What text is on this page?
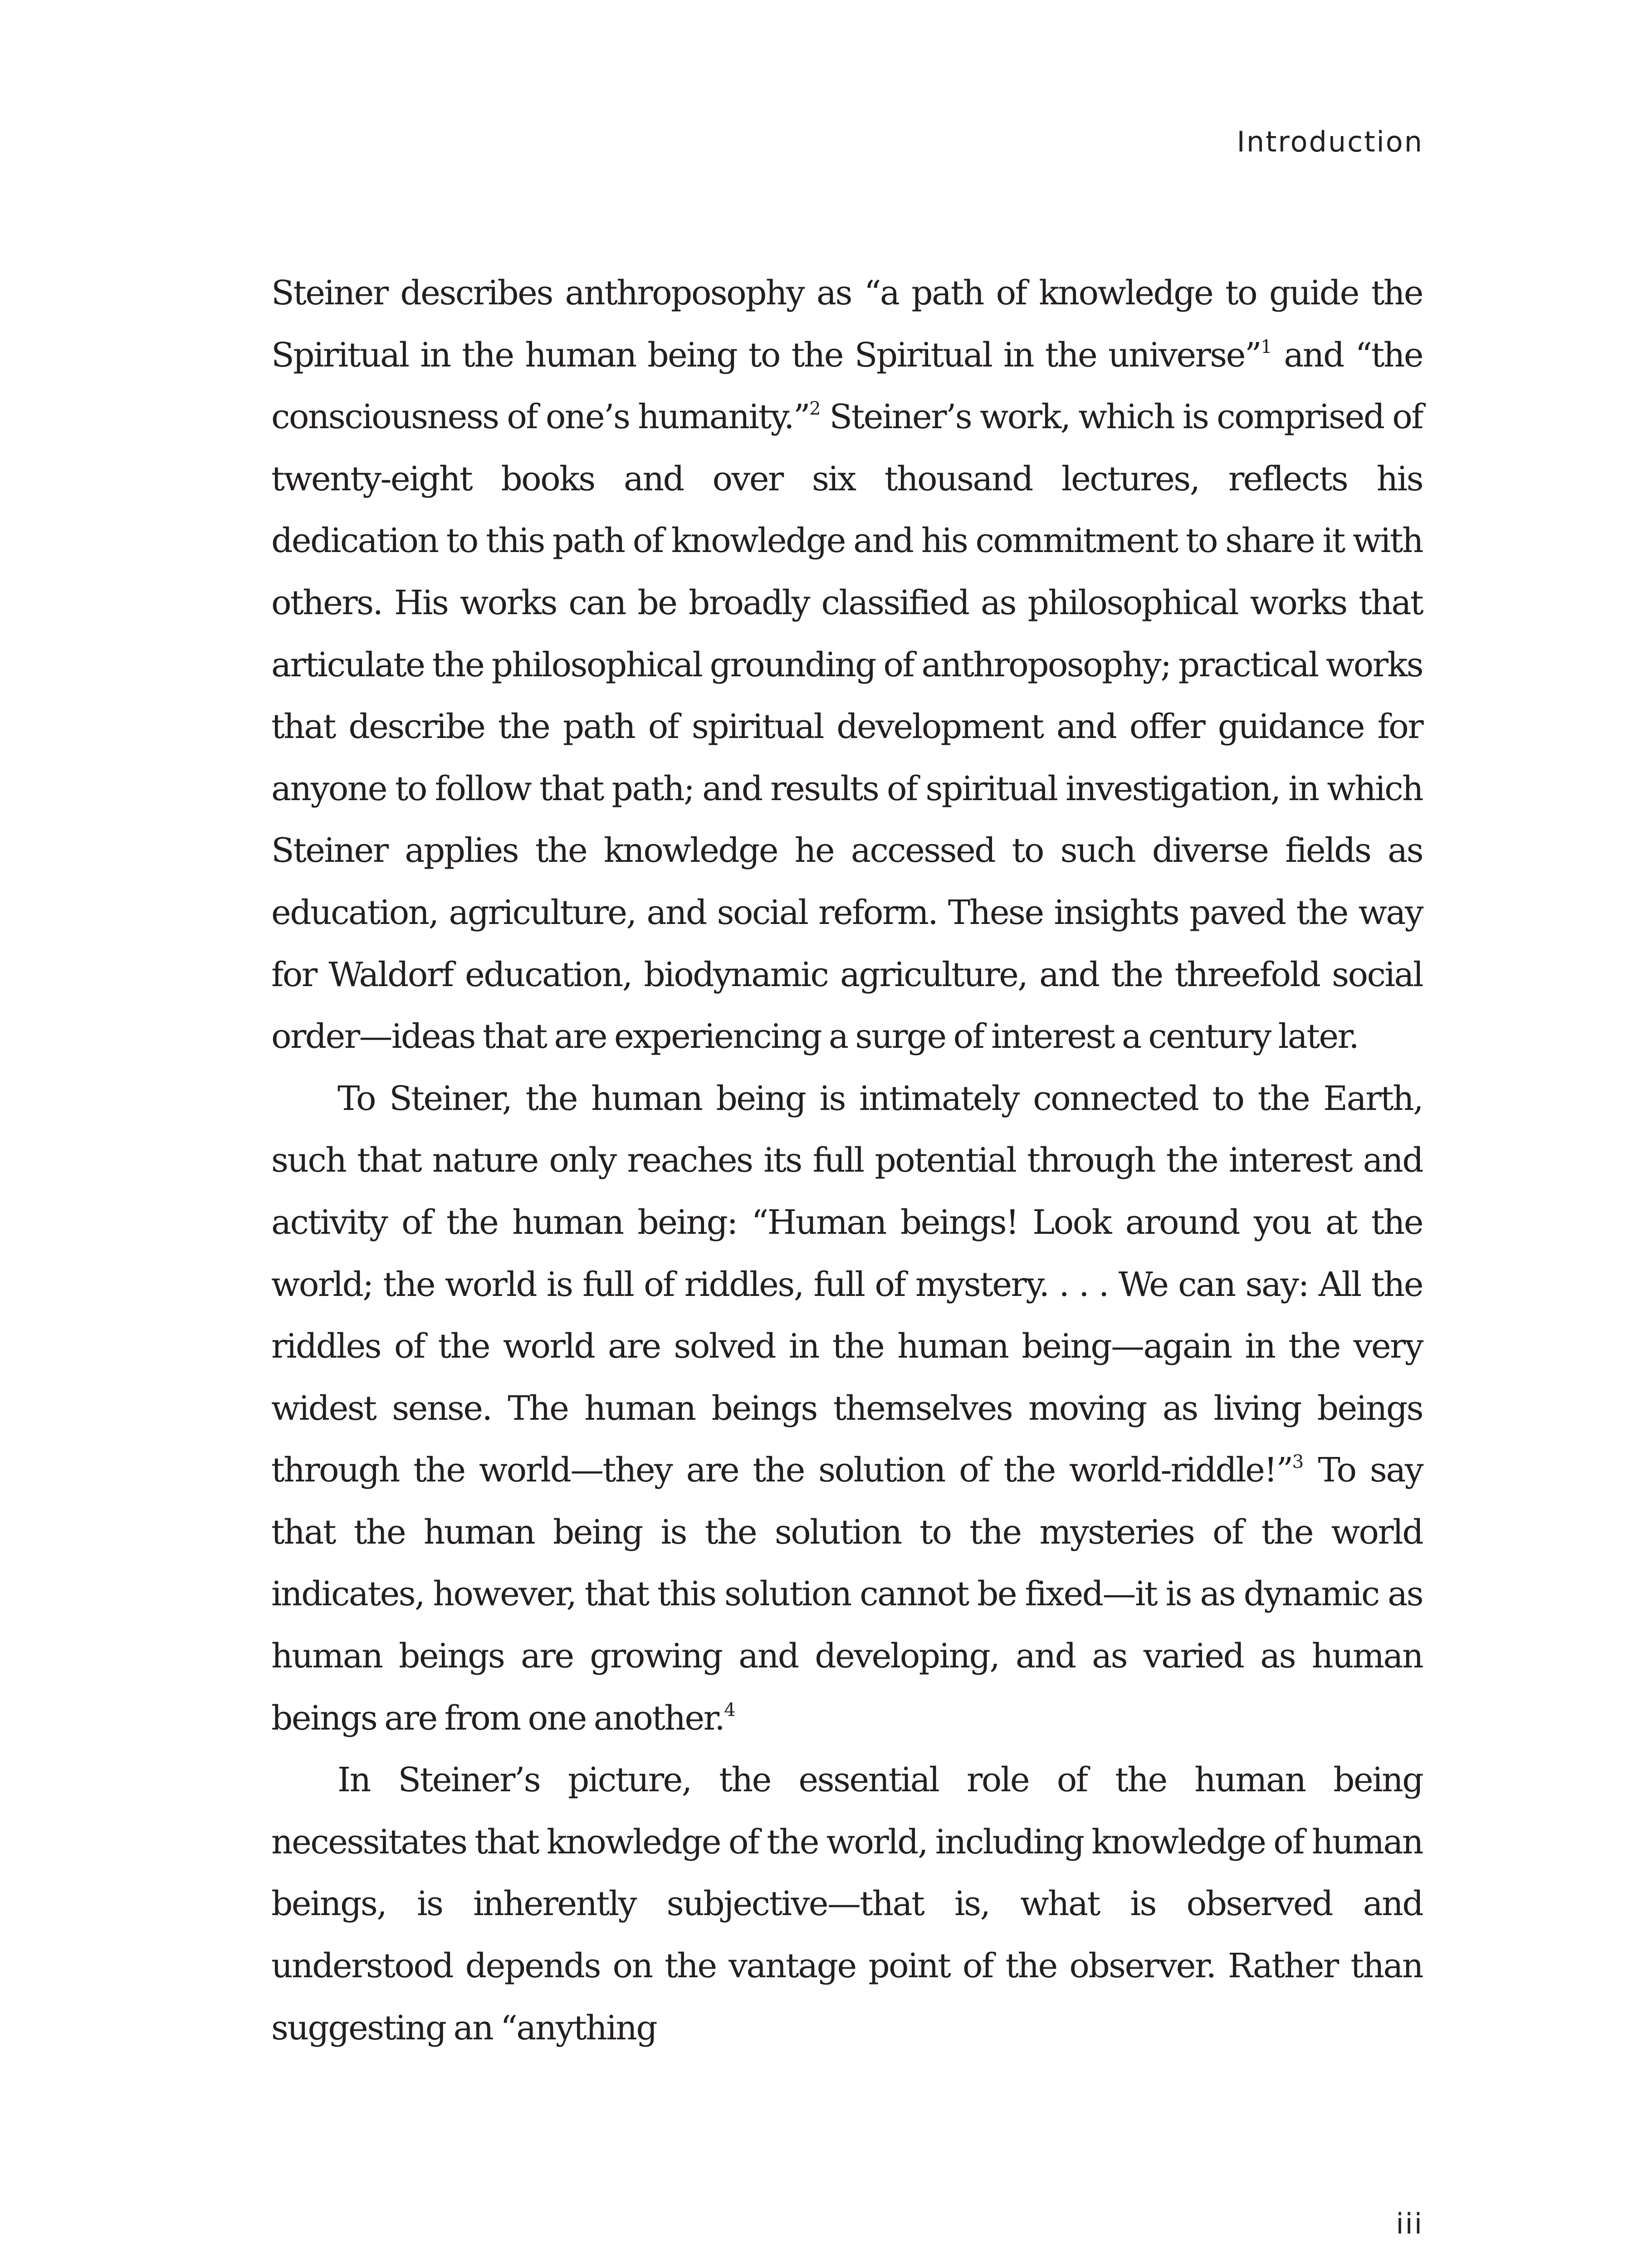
Introduction

Steiner describes anthroposophy as “a path of knowledge to guide the Spiritual in the human being to the Spiritual in the universe”$^1$ and “the consciousness of one’s humanity.”$^2$ Steiner’s work, which is comprised of twenty-eight books and over six thousand lectures, reflects his dedication to this path of knowledge and his commitment to share it with others. His works can be broadly classified as philosophical works that articulate the philosophical grounding of anthroposophy; practical works that describe the path of spiritual development and offer guidance for anyone to follow that path; and results of spiritual investigation, in which Steiner applies the knowledge he accessed to such diverse fields as education, agriculture, and social reform. These insights paved the way for Waldorf education, biodynamic agriculture, and the threefold social order—ideas that are experiencing a surge of interest a century later.

To Steiner, the human being is intimately connected to the Earth, such that nature only reaches its full potential through the interest and activity of the human being: “Human beings! Look around you at the world; the world is full of riddles, full of mystery. . . . We can say: All the riddles of the world are solved in the human being—again in the very widest sense. The human beings themselves moving as living beings through the world—they are the solution of the world-riddle!”$^3$ To say that the human being is the solution to the mysteries of the world indicates, however, that this solution cannot be fixed—it is as dynamic as human beings are growing and developing, and as varied as human beings are from one another.$^4$

In Steiner’s picture, the essential role of the human being necessitates that knowledge of the world, including knowledge of human beings, is inherently subjective—that is, what is observed and understood depends on the vantage point of the observer. Rather than suggesting an “anything

iii
